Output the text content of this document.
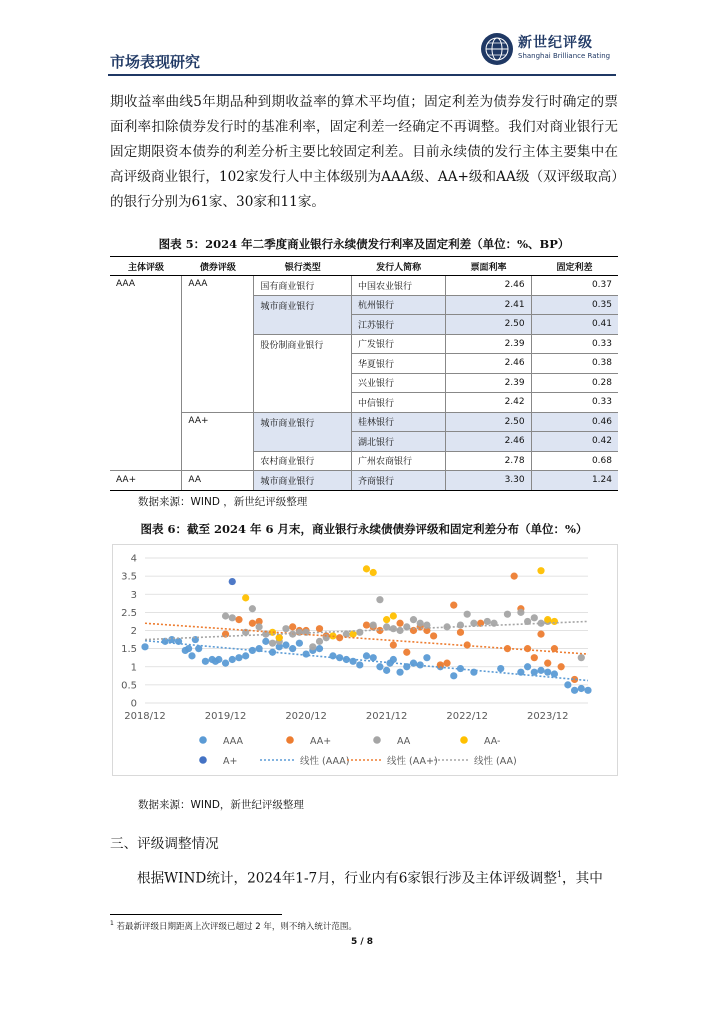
市场表现研究
新世纪评级
Shanghai Brilliance Rating

期收益率曲线5年期品种到期收益率的算术平均值；固定利差为债券发行时确定的票面利率扣除债券发行时的基准利率，固定利差一经确定不再调整。我们对商业银行无固定期限资本债券的利差分析主要比较固定利差。目前永续债的发行主体主要集中在高评级商业银行，102家发行人中主体级别为AAA级、AA+级和AA级（双评级取高）的银行分别为61家、30家和11家。

图表 5：2024 年二季度商业银行永续债发行利率及固定利差（单位：%、BP）
主体评级	债券评级	银行类型	发行人简称	票面利率	固定利差
AAA	AAA	国有商业银行	中国农业银行	2.46	0.37
		城市商业银行	杭州银行	2.41	0.35
			江苏银行	2.50	0.41
		股份制商业银行	广发银行	2.39	0.33
			华夏银行	2.46	0.38
			兴业银行	2.39	0.28
			中信银行	2.42	0.33
	AA+	城市商业银行	桂林银行	2.50	0.46
			湖北银行	2.46	0.42
		农村商业银行	广州农商银行	2.78	0.68
AA+	AA	城市商业银行	齐商银行	3.30	1.24
数据来源：WIND ，新世纪评级整理
图表 6：截至 2024 年 6 月末，商业银行永续债债券评级和固定利差分布（单位：%）
0
0.5
1
1.5
2
2.5
3
3.5
4
2018/12	2019/12	2020/12	2021/12	2022/12	2023/12
AAA	AA+	AA	AA-
A+	线性 (AAA)	线性 (AA+)	线性 (AA)
数据来源：WIND，新世纪评级整理
三、评级调整情况
根据WIND统计，2024年1-7月，行业内有6家银行涉及主体评级调整$^1$，其中
$^1$ 若最新评级日期距离上次评级已超过 2 年，则不纳入统计范围。
5 / 8
